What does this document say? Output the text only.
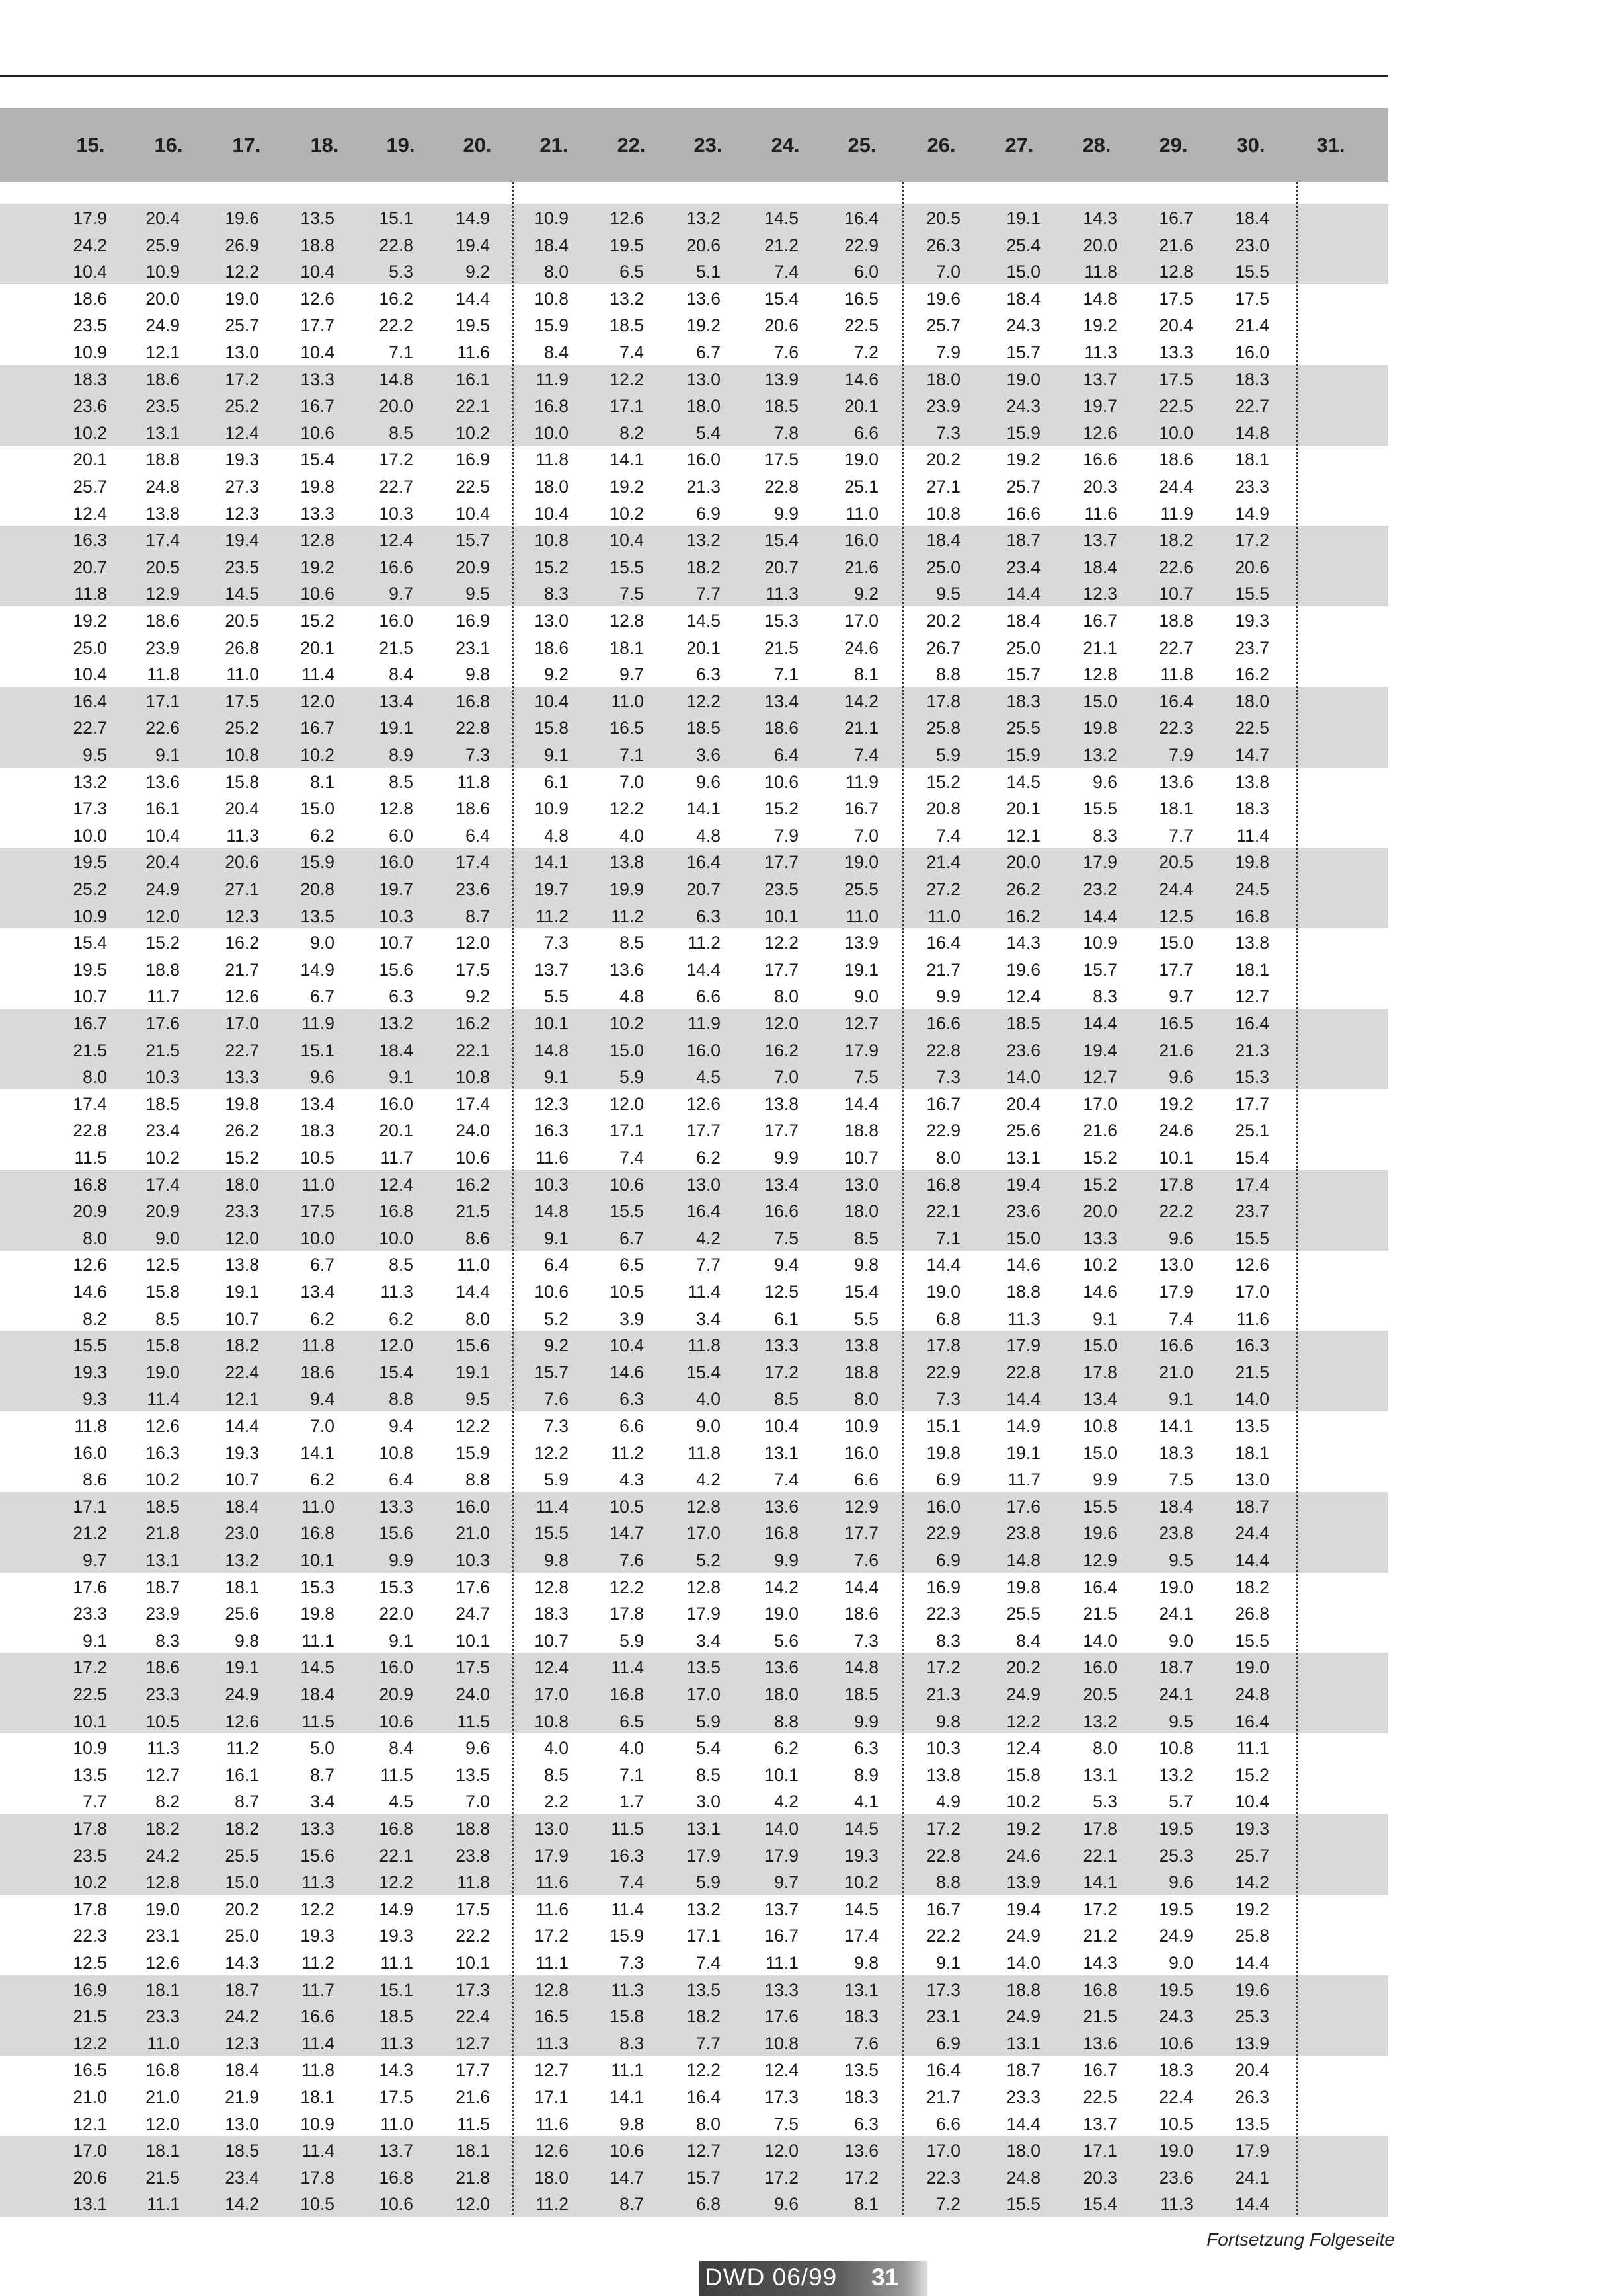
15.	16.	17.	18.	19.	20.	21.	22.	23.	24.	25.	26.	27.	28.	29.	30.	31.
17.9	20.4	19.6	13.5	15.1	14.9	10.9	12.6	13.2	14.5	16.4	20.5	19.1	14.3	16.7	18.4
24.2	25.9	26.9	18.8	22.8	19.4	18.4	19.5	20.6	21.2	22.9	26.3	25.4	20.0	21.6	23.0
10.4	10.9	12.2	10.4	5.3	9.2	8.0	6.5	5.1	7.4	6.0	7.0	15.0	11.8	12.8	15.5
18.6	20.0	19.0	12.6	16.2	14.4	10.8	13.2	13.6	15.4	16.5	19.6	18.4	14.8	17.5	17.5
23.5	24.9	25.7	17.7	22.2	19.5	15.9	18.5	19.2	20.6	22.5	25.7	24.3	19.2	20.4	21.4
10.9	12.1	13.0	10.4	7.1	11.6	8.4	7.4	6.7	7.6	7.2	7.9	15.7	11.3	13.3	16.0
18.3	18.6	17.2	13.3	14.8	16.1	11.9	12.2	13.0	13.9	14.6	18.0	19.0	13.7	17.5	18.3
23.6	23.5	25.2	16.7	20.0	22.1	16.8	17.1	18.0	18.5	20.1	23.9	24.3	19.7	22.5	22.7
10.2	13.1	12.4	10.6	8.5	10.2	10.0	8.2	5.4	7.8	6.6	7.3	15.9	12.6	10.0	14.8
20.1	18.8	19.3	15.4	17.2	16.9	11.8	14.1	16.0	17.5	19.0	20.2	19.2	16.6	18.6	18.1
25.7	24.8	27.3	19.8	22.7	22.5	18.0	19.2	21.3	22.8	25.1	27.1	25.7	20.3	24.4	23.3
12.4	13.8	12.3	13.3	10.3	10.4	10.4	10.2	6.9	9.9	11.0	10.8	16.6	11.6	11.9	14.9
16.3	17.4	19.4	12.8	12.4	15.7	10.8	10.4	13.2	15.4	16.0	18.4	18.7	13.7	18.2	17.2
20.7	20.5	23.5	19.2	16.6	20.9	15.2	15.5	18.2	20.7	21.6	25.0	23.4	18.4	22.6	20.6
11.8	12.9	14.5	10.6	9.7	9.5	8.3	7.5	7.7	11.3	9.2	9.5	14.4	12.3	10.7	15.5
19.2	18.6	20.5	15.2	16.0	16.9	13.0	12.8	14.5	15.3	17.0	20.2	18.4	16.7	18.8	19.3
25.0	23.9	26.8	20.1	21.5	23.1	18.6	18.1	20.1	21.5	24.6	26.7	25.0	21.1	22.7	23.7
10.4	11.8	11.0	11.4	8.4	9.8	9.2	9.7	6.3	7.1	8.1	8.8	15.7	12.8	11.8	16.2
16.4	17.1	17.5	12.0	13.4	16.8	10.4	11.0	12.2	13.4	14.2	17.8	18.3	15.0	16.4	18.0
22.7	22.6	25.2	16.7	19.1	22.8	15.8	16.5	18.5	18.6	21.1	25.8	25.5	19.8	22.3	22.5
9.5	9.1	10.8	10.2	8.9	7.3	9.1	7.1	3.6	6.4	7.4	5.9	15.9	13.2	7.9	14.7
13.2	13.6	15.8	8.1	8.5	11.8	6.1	7.0	9.6	10.6	11.9	15.2	14.5	9.6	13.6	13.8
17.3	16.1	20.4	15.0	12.8	18.6	10.9	12.2	14.1	15.2	16.7	20.8	20.1	15.5	18.1	18.3
10.0	10.4	11.3	6.2	6.0	6.4	4.8	4.0	4.8	7.9	7.0	7.4	12.1	8.3	7.7	11.4
19.5	20.4	20.6	15.9	16.0	17.4	14.1	13.8	16.4	17.7	19.0	21.4	20.0	17.9	20.5	19.8
25.2	24.9	27.1	20.8	19.7	23.6	19.7	19.9	20.7	23.5	25.5	27.2	26.2	23.2	24.4	24.5
10.9	12.0	12.3	13.5	10.3	8.7	11.2	11.2	6.3	10.1	11.0	11.0	16.2	14.4	12.5	16.8
15.4	15.2	16.2	9.0	10.7	12.0	7.3	8.5	11.2	12.2	13.9	16.4	14.3	10.9	15.0	13.8
19.5	18.8	21.7	14.9	15.6	17.5	13.7	13.6	14.4	17.7	19.1	21.7	19.6	15.7	17.7	18.1
10.7	11.7	12.6	6.7	6.3	9.2	5.5	4.8	6.6	8.0	9.0	9.9	12.4	8.3	9.7	12.7
16.7	17.6	17.0	11.9	13.2	16.2	10.1	10.2	11.9	12.0	12.7	16.6	18.5	14.4	16.5	16.4
21.5	21.5	22.7	15.1	18.4	22.1	14.8	15.0	16.0	16.2	17.9	22.8	23.6	19.4	21.6	21.3
8.0	10.3	13.3	9.6	9.1	10.8	9.1	5.9	4.5	7.0	7.5	7.3	14.0	12.7	9.6	15.3
17.4	18.5	19.8	13.4	16.0	17.4	12.3	12.0	12.6	13.8	14.4	16.7	20.4	17.0	19.2	17.7
22.8	23.4	26.2	18.3	20.1	24.0	16.3	17.1	17.7	17.7	18.8	22.9	25.6	21.6	24.6	25.1
11.5	10.2	15.2	10.5	11.7	10.6	11.6	7.4	6.2	9.9	10.7	8.0	13.1	15.2	10.1	15.4
16.8	17.4	18.0	11.0	12.4	16.2	10.3	10.6	13.0	13.4	13.0	16.8	19.4	15.2	17.8	17.4
20.9	20.9	23.3	17.5	16.8	21.5	14.8	15.5	16.4	16.6	18.0	22.1	23.6	20.0	22.2	23.7
8.0	9.0	12.0	10.0	10.0	8.6	9.1	6.7	4.2	7.5	8.5	7.1	15.0	13.3	9.6	15.5
12.6	12.5	13.8	6.7	8.5	11.0	6.4	6.5	7.7	9.4	9.8	14.4	14.6	10.2	13.0	12.6
14.6	15.8	19.1	13.4	11.3	14.4	10.6	10.5	11.4	12.5	15.4	19.0	18.8	14.6	17.9	17.0
8.2	8.5	10.7	6.2	6.2	8.0	5.2	3.9	3.4	6.1	5.5	6.8	11.3	9.1	7.4	11.6
15.5	15.8	18.2	11.8	12.0	15.6	9.2	10.4	11.8	13.3	13.8	17.8	17.9	15.0	16.6	16.3
19.3	19.0	22.4	18.6	15.4	19.1	15.7	14.6	15.4	17.2	18.8	22.9	22.8	17.8	21.0	21.5
9.3	11.4	12.1	9.4	8.8	9.5	7.6	6.3	4.0	8.5	8.0	7.3	14.4	13.4	9.1	14.0
11.8	12.6	14.4	7.0	9.4	12.2	7.3	6.6	9.0	10.4	10.9	15.1	14.9	10.8	14.1	13.5
16.0	16.3	19.3	14.1	10.8	15.9	12.2	11.2	11.8	13.1	16.0	19.8	19.1	15.0	18.3	18.1
8.6	10.2	10.7	6.2	6.4	8.8	5.9	4.3	4.2	7.4	6.6	6.9	11.7	9.9	7.5	13.0
17.1	18.5	18.4	11.0	13.3	16.0	11.4	10.5	12.8	13.6	12.9	16.0	17.6	15.5	18.4	18.7
21.2	21.8	23.0	16.8	15.6	21.0	15.5	14.7	17.0	16.8	17.7	22.9	23.8	19.6	23.8	24.4
9.7	13.1	13.2	10.1	9.9	10.3	9.8	7.6	5.2	9.9	7.6	6.9	14.8	12.9	9.5	14.4
17.6	18.7	18.1	15.3	15.3	17.6	12.8	12.2	12.8	14.2	14.4	16.9	19.8	16.4	19.0	18.2
23.3	23.9	25.6	19.8	22.0	24.7	18.3	17.8	17.9	19.0	18.6	22.3	25.5	21.5	24.1	26.8
9.1	8.3	9.8	11.1	9.1	10.1	10.7	5.9	3.4	5.6	7.3	8.3	8.4	14.0	9.0	15.5
17.2	18.6	19.1	14.5	16.0	17.5	12.4	11.4	13.5	13.6	14.8	17.2	20.2	16.0	18.7	19.0
22.5	23.3	24.9	18.4	20.9	24.0	17.0	16.8	17.0	18.0	18.5	21.3	24.9	20.5	24.1	24.8
10.1	10.5	12.6	11.5	10.6	11.5	10.8	6.5	5.9	8.8	9.9	9.8	12.2	13.2	9.5	16.4
10.9	11.3	11.2	5.0	8.4	9.6	4.0	4.0	5.4	6.2	6.3	10.3	12.4	8.0	10.8	11.1
13.5	12.7	16.1	8.7	11.5	13.5	8.5	7.1	8.5	10.1	8.9	13.8	15.8	13.1	13.2	15.2
7.7	8.2	8.7	3.4	4.5	7.0	2.2	1.7	3.0	4.2	4.1	4.9	10.2	5.3	5.7	10.4
17.8	18.2	18.2	13.3	16.8	18.8	13.0	11.5	13.1	14.0	14.5	17.2	19.2	17.8	19.5	19.3
23.5	24.2	25.5	15.6	22.1	23.8	17.9	16.3	17.9	17.9	19.3	22.8	24.6	22.1	25.3	25.7
10.2	12.8	15.0	11.3	12.2	11.8	11.6	7.4	5.9	9.7	10.2	8.8	13.9	14.1	9.6	14.2
17.8	19.0	20.2	12.2	14.9	17.5	11.6	11.4	13.2	13.7	14.5	16.7	19.4	17.2	19.5	19.2
22.3	23.1	25.0	19.3	19.3	22.2	17.2	15.9	17.1	16.7	17.4	22.2	24.9	21.2	24.9	25.8
12.5	12.6	14.3	11.2	11.1	10.1	11.1	7.3	7.4	11.1	9.8	9.1	14.0	14.3	9.0	14.4
16.9	18.1	18.7	11.7	15.1	17.3	12.8	11.3	13.5	13.3	13.1	17.3	18.8	16.8	19.5	19.6
21.5	23.3	24.2	16.6	18.5	22.4	16.5	15.8	18.2	17.6	18.3	23.1	24.9	21.5	24.3	25.3
12.2	11.0	12.3	11.4	11.3	12.7	11.3	8.3	7.7	10.8	7.6	6.9	13.1	13.6	10.6	13.9
16.5	16.8	18.4	11.8	14.3	17.7	12.7	11.1	12.2	12.4	13.5	16.4	18.7	16.7	18.3	20.4
21.0	21.0	21.9	18.1	17.5	21.6	17.1	14.1	16.4	17.3	18.3	21.7	23.3	22.5	22.4	26.3
12.1	12.0	13.0	10.9	11.0	11.5	11.6	9.8	8.0	7.5	6.3	6.6	14.4	13.7	10.5	13.5
17.0	18.1	18.5	11.4	13.7	18.1	12.6	10.6	12.7	12.0	13.6	17.0	18.0	17.1	19.0	17.9
20.6	21.5	23.4	17.8	16.8	21.8	18.0	14.7	15.7	17.2	17.2	22.3	24.8	20.3	23.6	24.1
13.1	11.1	14.2	10.5	10.6	12.0	11.2	8.7	6.8	9.6	8.1	7.2	15.5	15.4	11.3	14.4
Fortsetzung Folgeseite
DWD 06/99 31
